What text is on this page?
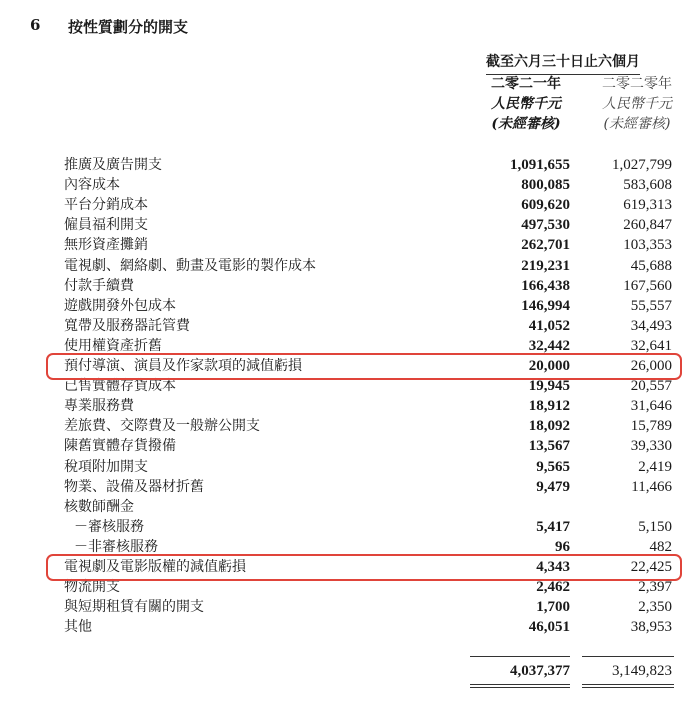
6 按性質劃分的開支
截至六月三十日止六個月
二零二一年
人民幣千元
(未經審核)
二零二零年
人民幣千元
(未經審核)
推廣及廣告開支	1,091,655	1,027,799
內容成本	800,085	583,608
平台分銷成本	609,620	619,313
僱員福利開支	497,530	260,847
無形資產攤銷	262,701	103,353
電視劇、網絡劇、動畫及電影的製作成本	219,231	45,688
付款手續費	166,438	167,560
遊戲開發外包成本	146,994	55,557
寬帶及服務器託管費	41,052	34,493
使用權資產折舊	32,442	32,641
預付導演、演員及作家款項的減值虧損	20,000	26,000
已售實體存貨成本	19,945	20,557
專業服務費	18,912	31,646
差旅費、交際費及一般辦公開支	18,092	15,789
陳舊實體存貨撥備	13,567	39,330
稅項附加開支	9,565	2,419
物業、設備及器材折舊	9,479	11,466
核數師酬金
－審核服務	5,417	5,150
－非審核服務	96	482
電視劇及電影版權的減值虧損	4,343	22,425
物流開支	2,462	2,397
與短期租賃有關的開支	1,700	2,350
其他	46,051	38,953
4,037,377	3,149,823
